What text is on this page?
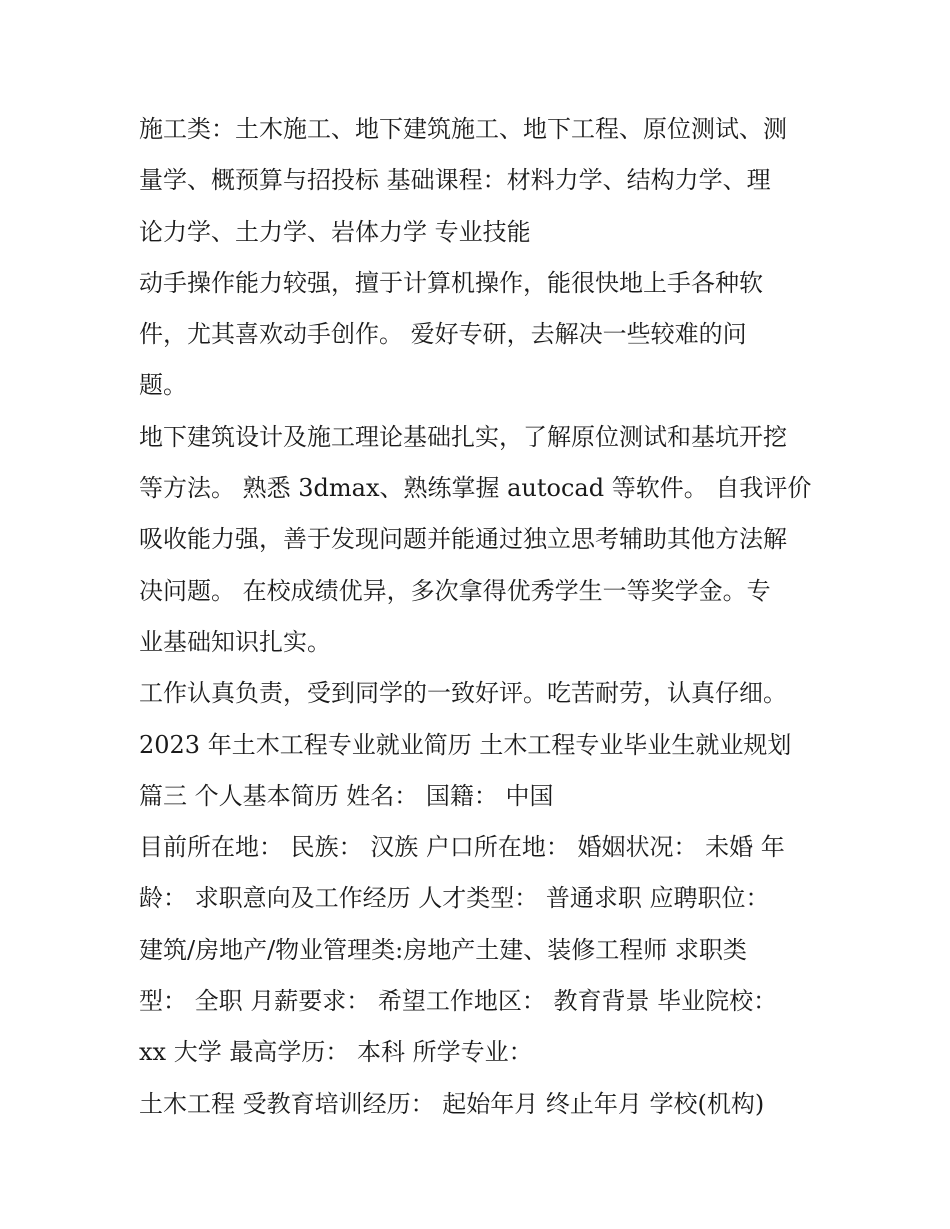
施工类：土木施工、地下建筑施工、地下工程、原位测试、测
量学、概预算与招投标 基础课程：材料力学、结构力学、理
论力学、土力学、岩体力学 专业技能

动手操作能力较强，擅于计算机操作，能很快地上手各种软
件，尤其喜欢动手创作。 爱好专研，去解决一些较难的问
题。

地下建筑设计及施工理论基础扎实，了解原位测试和基坑开挖
等方法。 熟悉 3dmax、熟练掌握 autocad 等软件。 自我评价
吸收能力强，善于发现问题并能通过独立思考辅助其他方法解
决问题。 在校成绩优异，多次拿得优秀学生一等奖学金。专
业基础知识扎实。

工作认真负责，受到同学的一致好评。吃苦耐劳，认真仔细。
2023 年土木工程专业就业简历 土木工程专业毕业生就业规划
篇三 个人基本简历 姓名： 国籍： 中国

目前所在地： 民族： 汉族 户口所在地： 婚姻状况： 未婚 年
龄： 求职意向及工作经历 人才类型： 普通求职 应聘职位：
建筑/房地产/物业管理类:房地产土建、装修工程师 求职类
型： 全职 月薪要求： 希望工作地区： 教育背景 毕业院校：
xx 大学 最高学历： 本科 所学专业：

土木工程 受教育培训经历： 起始年月 终止年月 学校(机构)
